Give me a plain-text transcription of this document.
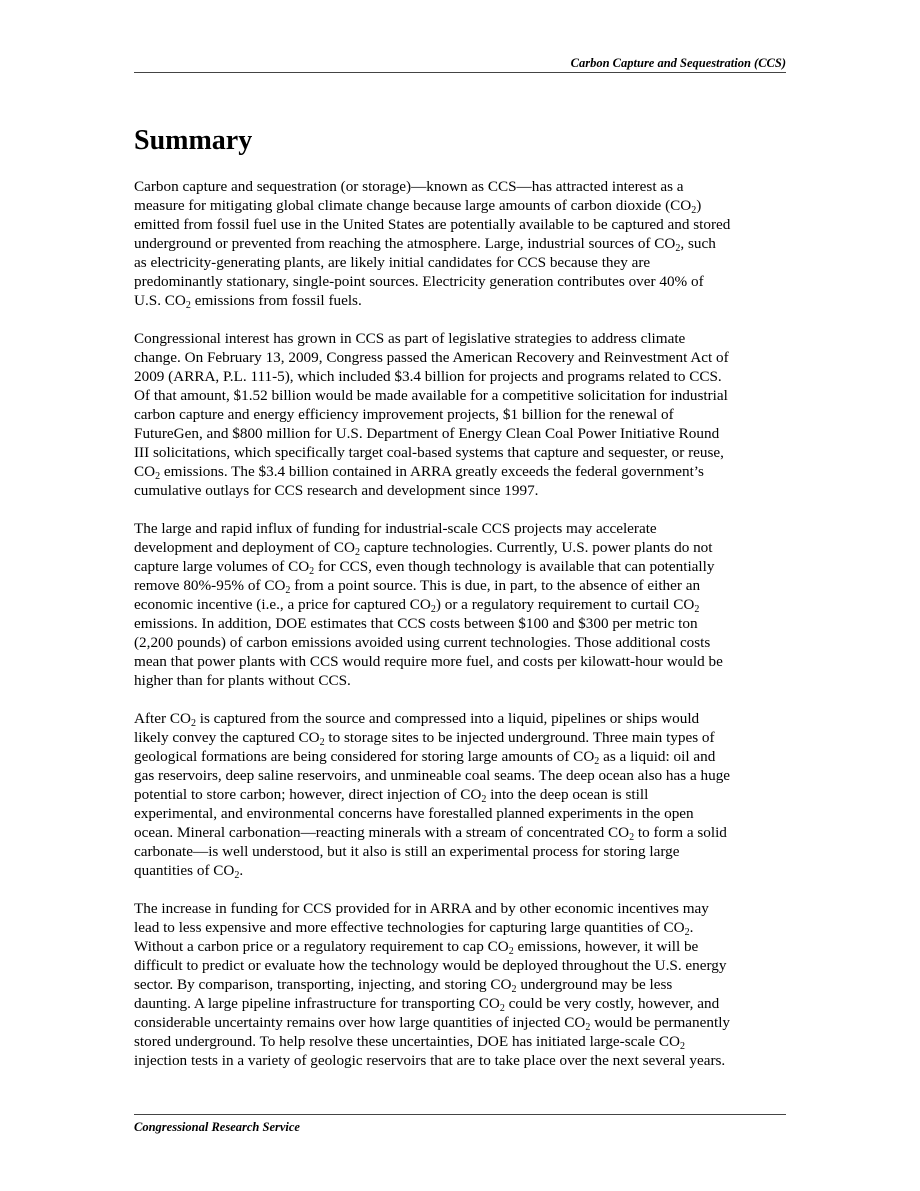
Carbon Capture and Sequestration (CCS)
Summary

Carbon capture and sequestration (or storage)—known as CCS—has attracted interest as a
measure for mitigating global climate change because large amounts of carbon dioxide (CO2)
emitted from fossil fuel use in the United States are potentially available to be captured and stored
underground or prevented from reaching the atmosphere. Large, industrial sources of CO2, such
as electricity-generating plants, are likely initial candidates for CCS because they are
predominantly stationary, single-point sources. Electricity generation contributes over 40% of
U.S. CO2 emissions from fossil fuels.

Congressional interest has grown in CCS as part of legislative strategies to address climate
change. On February 13, 2009, Congress passed the American Recovery and Reinvestment Act of
2009 (ARRA, P.L. 111-5), which included $3.4 billion for projects and programs related to CCS.
Of that amount, $1.52 billion would be made available for a competitive solicitation for industrial
carbon capture and energy efficiency improvement projects, $1 billion for the renewal of
FutureGen, and $800 million for U.S. Department of Energy Clean Coal Power Initiative Round
III solicitations, which specifically target coal-based systems that capture and sequester, or reuse,
CO2 emissions. The $3.4 billion contained in ARRA greatly exceeds the federal government’s
cumulative outlays for CCS research and development since 1997.

The large and rapid influx of funding for industrial-scale CCS projects may accelerate
development and deployment of CO2 capture technologies. Currently, U.S. power plants do not
capture large volumes of CO2 for CCS, even though technology is available that can potentially
remove 80%-95% of CO2 from a point source. This is due, in part, to the absence of either an
economic incentive (i.e., a price for captured CO2) or a regulatory requirement to curtail CO2
emissions. In addition, DOE estimates that CCS costs between $100 and $300 per metric ton
(2,200 pounds) of carbon emissions avoided using current technologies. Those additional costs
mean that power plants with CCS would require more fuel, and costs per kilowatt-hour would be
higher than for plants without CCS.

After CO2 is captured from the source and compressed into a liquid, pipelines or ships would
likely convey the captured CO2 to storage sites to be injected underground. Three main types of
geological formations are being considered for storing large amounts of CO2 as a liquid: oil and
gas reservoirs, deep saline reservoirs, and unmineable coal seams. The deep ocean also has a huge
potential to store carbon; however, direct injection of CO2 into the deep ocean is still
experimental, and environmental concerns have forestalled planned experiments in the open
ocean. Mineral carbonation—reacting minerals with a stream of concentrated CO2 to form a solid
carbonate—is well understood, but it also is still an experimental process for storing large
quantities of CO2.

The increase in funding for CCS provided for in ARRA and by other economic incentives may
lead to less expensive and more effective technologies for capturing large quantities of CO2.
Without a carbon price or a regulatory requirement to cap CO2 emissions, however, it will be
difficult to predict or evaluate how the technology would be deployed throughout the U.S. energy
sector. By comparison, transporting, injecting, and storing CO2 underground may be less
daunting. A large pipeline infrastructure for transporting CO2 could be very costly, however, and
considerable uncertainty remains over how large quantities of injected CO2 would be permanently
stored underground. To help resolve these uncertainties, DOE has initiated large-scale CO2
injection tests in a variety of geologic reservoirs that are to take place over the next several years.

Congressional Research Service
